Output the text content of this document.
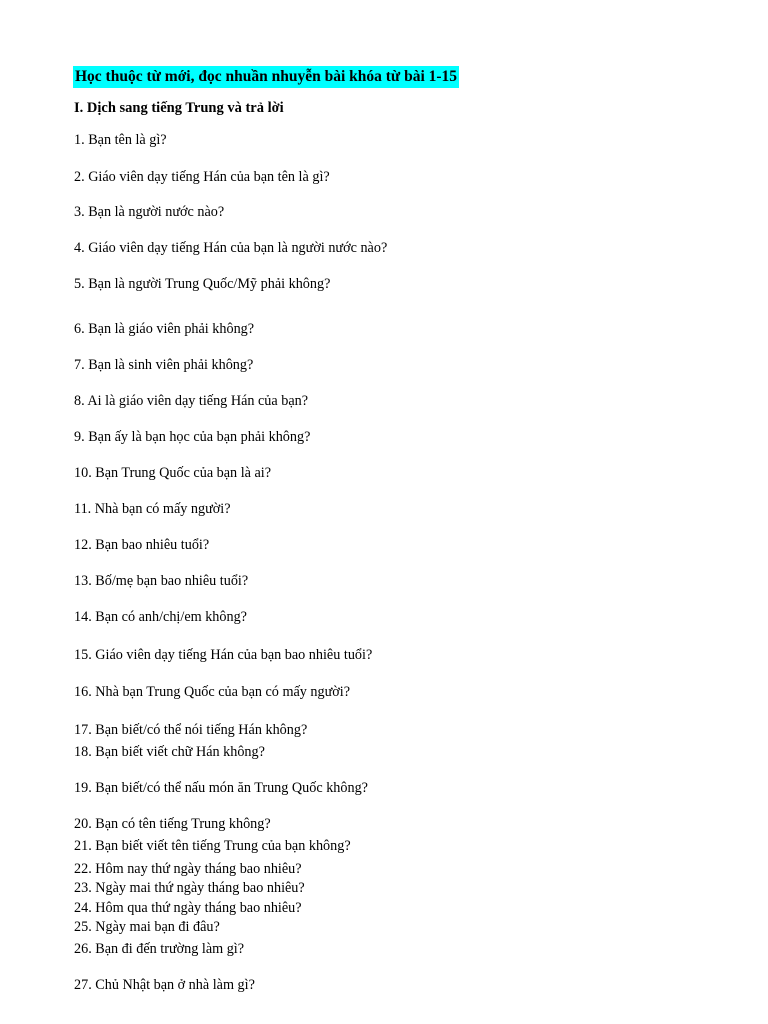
Học thuộc từ mới, đọc nhuần nhuyễn bài khóa từ bài 1-15
I. Dịch sang tiếng Trung và trả lời
1. Bạn tên là gì?
2. Giáo viên dạy tiếng Hán của bạn tên là gì?
3. Bạn là người nước nào?
4. Giáo viên dạy tiếng Hán của bạn là người nước nào?
5. Bạn là người Trung Quốc/Mỹ phải không?
6. Bạn là giáo viên phải không?
7. Bạn là sinh viên phải không?
8. Ai là giáo viên dạy tiếng Hán của bạn?
9. Bạn ấy là bạn học của bạn phải không?
10. Bạn Trung Quốc của bạn là ai?
11. Nhà bạn có mấy người?
12. Bạn bao nhiêu tuổi?
13. Bố/mẹ bạn bao nhiêu tuổi?
14. Bạn có anh/chị/em không?
15. Giáo viên dạy tiếng Hán của bạn bao nhiêu tuổi?
16. Nhà bạn Trung Quốc của bạn có mấy người?
17. Bạn biết/có thể nói tiếng Hán không?
18. Bạn biết viết chữ Hán không?
19. Bạn biết/có thể nấu món ăn Trung Quốc không?
20. Bạn có tên tiếng Trung không?
21. Bạn biết viết tên tiếng Trung của bạn không?
22. Hôm nay thứ ngày tháng bao nhiêu?
23. Ngày mai thứ ngày tháng bao nhiêu?
24. Hôm qua thứ ngày tháng bao nhiêu?
25. Ngày mai bạn đi đâu?
26. Bạn đi đến trường làm gì?
27. Chủ Nhật bạn ở nhà làm gì?
